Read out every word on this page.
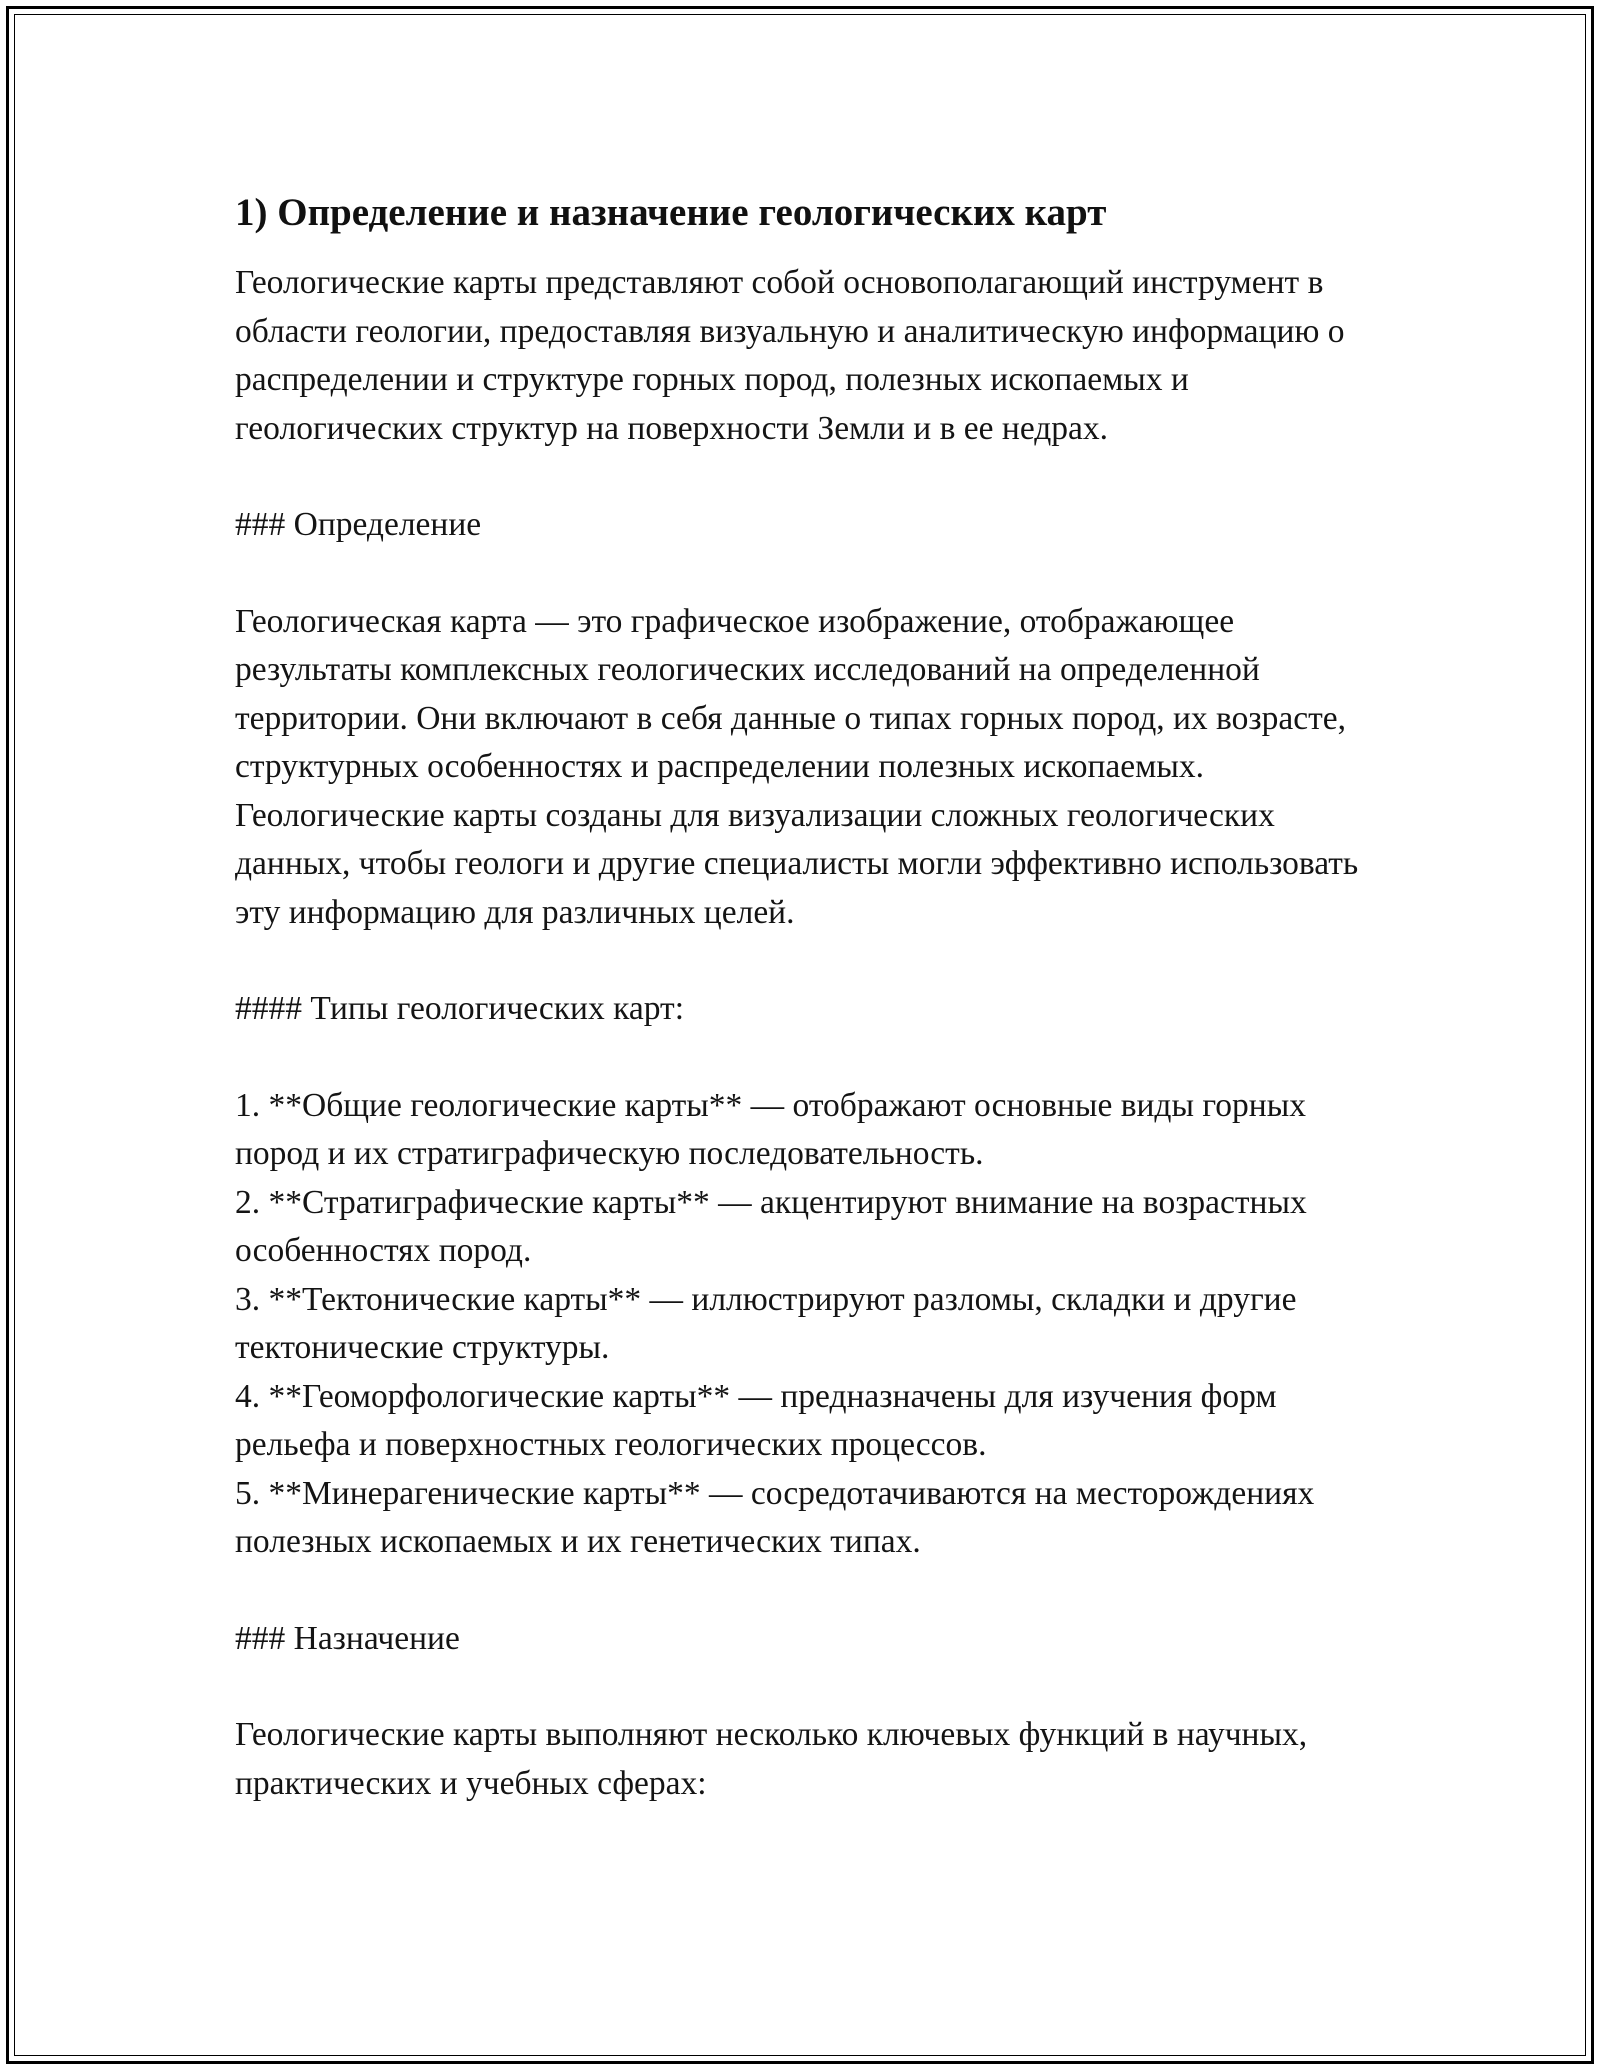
1) Определение и назначение геологических карт

Геологические карты представляют собой основополагающий инструмент в области геологии, предоставляя визуальную и аналитическую информацию о распределении и структуре горных пород, полезных ископаемых и геологических структур на поверхности Земли и в ее недрах.

### Определение

Геологическая карта — это графическое изображение, отображающее результаты комплексных геологических исследований на определенной территории. Они включают в себя данные о типах горных пород, их возрасте, структурных особенностях и распределении полезных ископаемых. Геологические карты созданы для визуализации сложных геологических данных, чтобы геологи и другие специалисты могли эффективно использовать эту информацию для различных целей.

#### Типы геологических карт:

1. **Общие геологические карты** — отображают основные виды горных пород и их стратиграфическую последовательность.
2. **Стратиграфические карты** — акцентируют внимание на возрастных особенностях пород.
3. **Тектонические карты** — иллюстрируют разломы, складки и другие тектонические структуры.
4. **Геоморфологические карты** — предназначены для изучения форм рельефа и поверхностных геологических процессов.
5. **Минерагенические карты** — сосредотачиваются на месторождениях полезных ископаемых и их генетических типах.

### Назначение

Геологические карты выполняют несколько ключевых функций в научных, практических и учебных сферах:
